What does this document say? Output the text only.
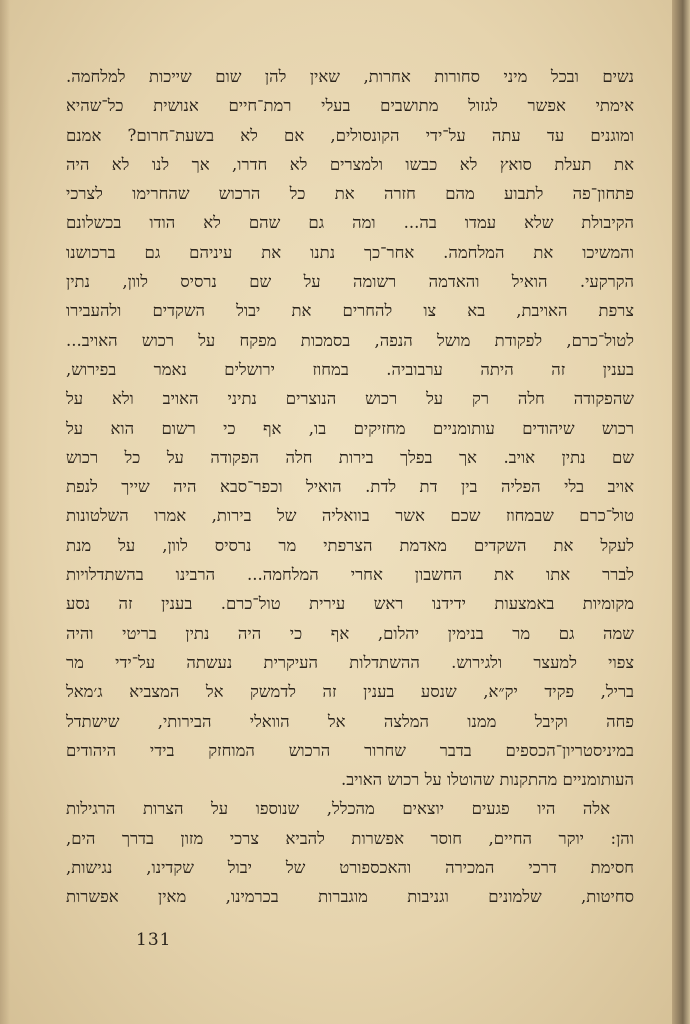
נשים ובכל מיני סחורות אחרות, שאין להן שום שייכות למלחמה.
אימתי אפשר לגזול מתושבים בעלי רמת־חיים אנושית כל־שהיא
ומוגנים עד עתה על־ידי הקונסולים, אם לא בשעת־חרום? אמנם
את תעלת סואץ לא כבשו ולמצרים לא חדרו, אך לנו לא היה
פתחון־פה לתבוע מהם חזרה את כל הרכוש שהחרימו לצרכי
הקיבולת שלא עמדו בה... ומה גם שהם לא הודו בכשלונם
והמשיכו את המלחמה. אחר־כך נתנו את עיניהם גם ברכושנו
הקרקעי. הואיל והאדמה רשומה על שם נרסיס לוון, נתין
צרפת האויבת, בא צו להחרים את יבול השקדים ולהעבירו
לטול־כרם, לפקודת מושל הנפה, בסמכות מפקח על רכוש האויב...
בענין זה היתה ערבוביה. במחוז ירושלים נאמר בפירוש,
שהפקודה חלה רק על רכוש הנוצרים נתיני האויב ולא על
רכוש שיהודים עותומניים מחזיקים בו, אף כי רשום הוא על
שם נתין אויב. אך בפלך בירות חלה הפקודה על כל רכוש
אויב בלי הפליה בין דת לדת. הואיל וכפר־סבא היה שייך לנפת
טול־כרם שבמחוז שכם אשר בוואליה של בירות, אמרו השלטונות
לעקל את השקדים מאדמת הצרפתי מר נרסיס לוון, על מנת
לברר אתו את החשבון אחרי המלחמה... הרבינו בהשתדלויות
מקומיות באמצעות ידידנו ראש עירית טול־כרם. בענין זה נסע
שמה גם מר בנימין יהלום, אף כי היה נתין בריטי והיה
צפוי למעצר ולגירוש. ההשתדלות העיקרית נעשתה על־ידי מר
בריל, פקיד יק״א, שנסע בענין זה לדמשק אל המצביא ג׳מאל
פחה וקיבל ממנו המלצה אל הוואלי הבירותי, שישתדל
במיניסטריון־הכספים בדבר שחרור הרכוש המוחזק בידי היהודים
העותומניים מהתקנות שהוטלו על רכוש האויב.
אלה היו פגעים יוצאים מהכלל, שנוספו על הצרות הרגילות
והן: יוקר החיים, חוסר אפשרות להביא צרכי מזון בדרך הים,
חסימת דרכי המכירה והאכספורט של יבול שקדינו, נגישות,
סחיטות, שלמונים וגניבות מוגברות בכרמינו, מאין אפשרות
131
